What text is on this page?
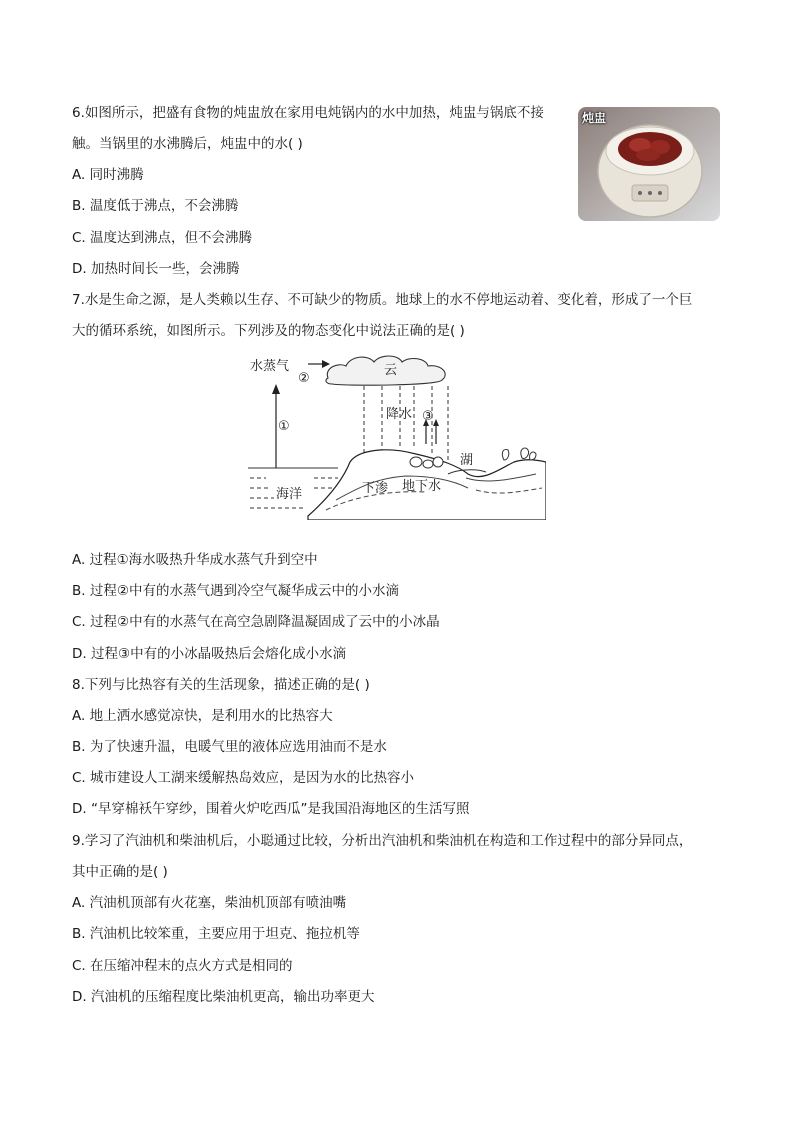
6.如图所示，把盛有食物的炖盅放在家用电炖锅内的水中加热，炖盅与锅底不接
触。当锅里的水沸腾后，炖盅中的水( )
A. 同时沸腾
B. 温度低于沸点，不会沸腾
C. 温度达到沸点，但不会沸腾
D. 加热时间长一些，会沸腾
炖盅
7.水是生命之源，是人类赖以生存、不可缺少的物质。地球上的水不停地运动着、变化着，形成了一个巨
大的循环系统，如图所示。下列涉及的物态变化中说法正确的是( )
水蒸气
②
云
降水 ③
①
湖
海洋	下渗 地下水
A. 过程①海水吸热升华成水蒸气升到空中
B. 过程②中有的水蒸气遇到冷空气凝华成云中的小水滴
C. 过程②中有的水蒸气在高空急剧降温凝固成了云中的小冰晶
D. 过程③中有的小冰晶吸热后会熔化成小水滴
8.下列与比热容有关的生活现象，描述正确的是( )
A. 地上洒水感觉凉快，是利用水的比热容大
B. 为了快速升温，电暖气里的液体应选用油而不是水
C. 城市建设人工湖来缓解热岛效应，是因为水的比热容小
D. “早穿棉袄午穿纱，围着火炉吃西瓜”是我国沿海地区的生活写照
9.学习了汽油机和柴油机后，小聪通过比较，分析出汽油机和柴油机在构造和工作过程中的部分异同点，
其中正确的是( )
A. 汽油机顶部有火花塞，柴油机顶部有喷油嘴
B. 汽油机比较笨重，主要应用于坦克、拖拉机等
C. 在压缩冲程末的点火方式是相同的
D. 汽油机的压缩程度比柴油机更高，输出功率更大
